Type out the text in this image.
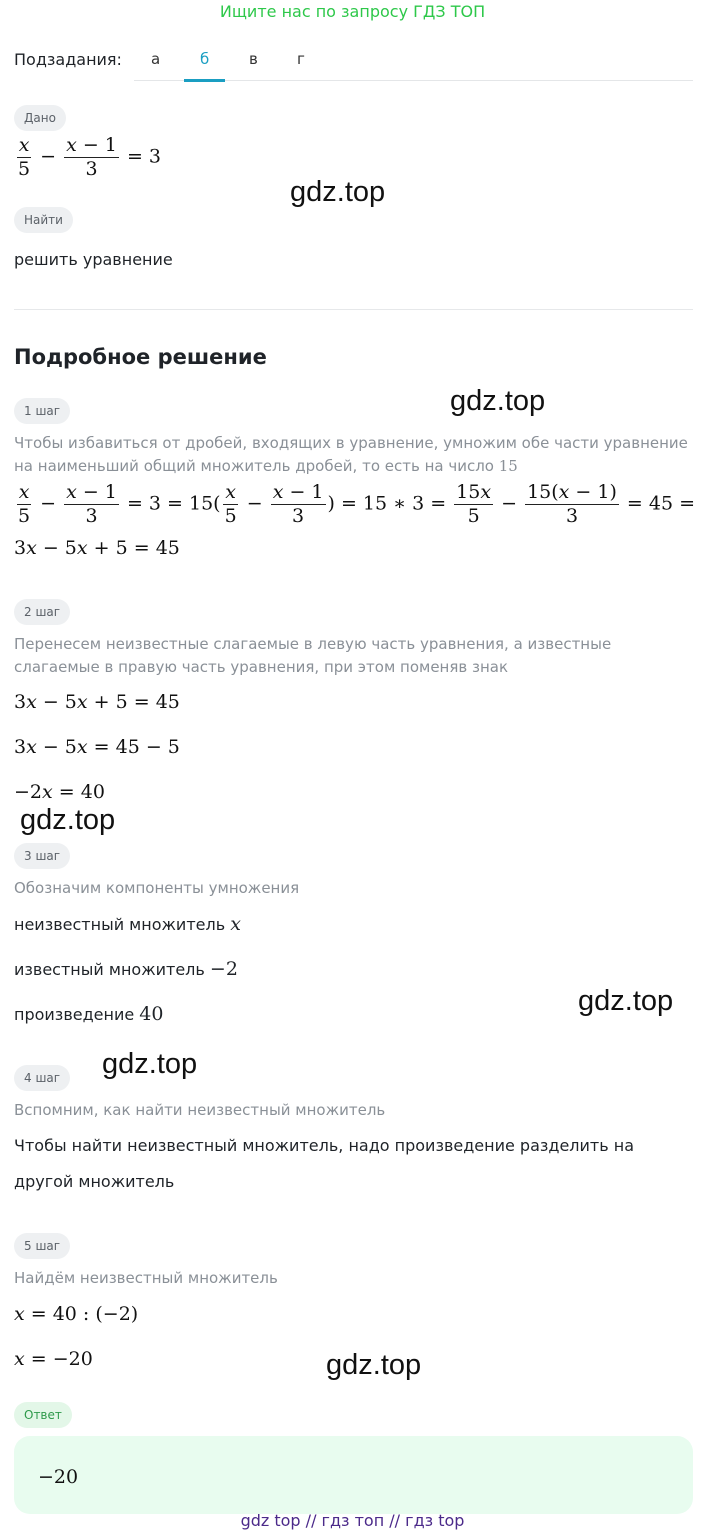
Ищите нас по запросу ГДЗ ТОП
Подзадания: а	б	в	г
Дано
$\frac{x}{5} - \frac{x - 1}{3} = 3$
Найти
решить уравнение
Подробное решение
1 шаг
Чтобы избавиться от дробей, входящих в уравнение, умножим обе части уравнение на наименьший общий множитель дробей, то есть на число 15
$\frac{x}{5} - \frac{x - 1}{3} = 3 = 15( \frac{x}{5} - \frac{x - 1}{3}$ ) = 15 ∗ $3 = \frac{15x}{5} - \frac{15(x - 1)}{3} = 45$ =
3x − 5x + 5 = 45
2 шаг
Перенесем неизвестные слагаемые в левую часть уравнения, а известные слагаемые в правую часть уравнения, при этом поменяв знак
3x − 5x + 5 = 45
3x − 5x = 45 − 5
−2x = 40
3 шаг
Обозначим компоненты умножения
неизвестный множитель x
известный множитель −2
произведение 40
4 шаг
Вспомним, как найти неизвестный множитель
Чтобы найти неизвестный множитель, надо произведение разделить на
другой множитель
5 шаг
Найдём неизвестный множитель
x = 40 : (−2)
x = −20
Ответ
−20
gdz.top
gdz.top
gdz.top
gdz.top
gdz.top
gdz.top
gdz top // гдз топ // гдз top
